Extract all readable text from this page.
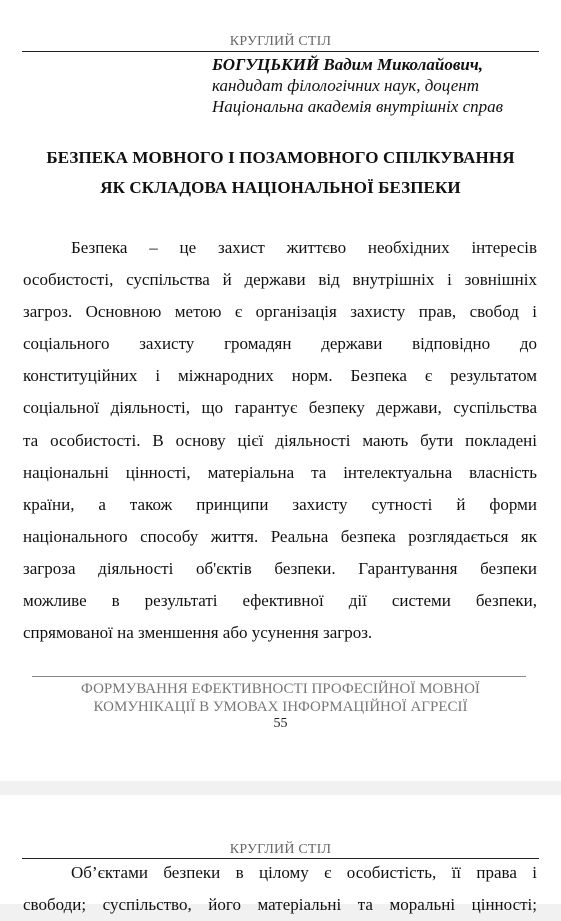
КРУГЛИЙ СТІЛ
БОГУЦЬКИЙ Вадим Миколайович,
кандидат філологічних наук, доцент
Національна академія внутрішніх справ
БЕЗПЕКА МОВНОГО І ПОЗАМОВНОГО СПІЛКУВАННЯ
ЯК СКЛАДОВА НАЦІОНАЛЬНОЇ БЕЗПЕКИ
Безпека – це захист життєво необхідних інтересів
особистості, суспільства й держави від внутрішніх і зовнішніх
загроз. Основною метою є організація захисту прав, свобод і
соціального захисту громадян держави відповідно до
конституційних і міжнародних норм. Безпека є результатом
соціальної діяльності, що гарантує безпеку держави, суспільства
та особистості. В основу цієї діяльності мають бути покладені
національні цінності, матеріальна та інтелектуальна власність
країни, а також принципи захисту сутності й форми
національного способу життя. Реальна безпека розглядається як
загроза діяльності об'єктів безпеки. Гарантування безпеки
можливе в результаті ефективної дії системи безпеки,
спрямованої на зменшення або усунення загроз.
ФОРМУВАННЯ ЕФЕКТИВНОСТІ ПРОФЕСІЙНОЇ МОВНОЇ
КОМУНІКАЦІЇ В УМОВАХ ІНФОРМАЦІЙНОЇ АГРЕСІЇ
55
КРУГЛИЙ СТІЛ
Об’єктами безпеки в цілому є особистість, її права і
свободи; суспільство, його матеріальні та моральні цінності;
